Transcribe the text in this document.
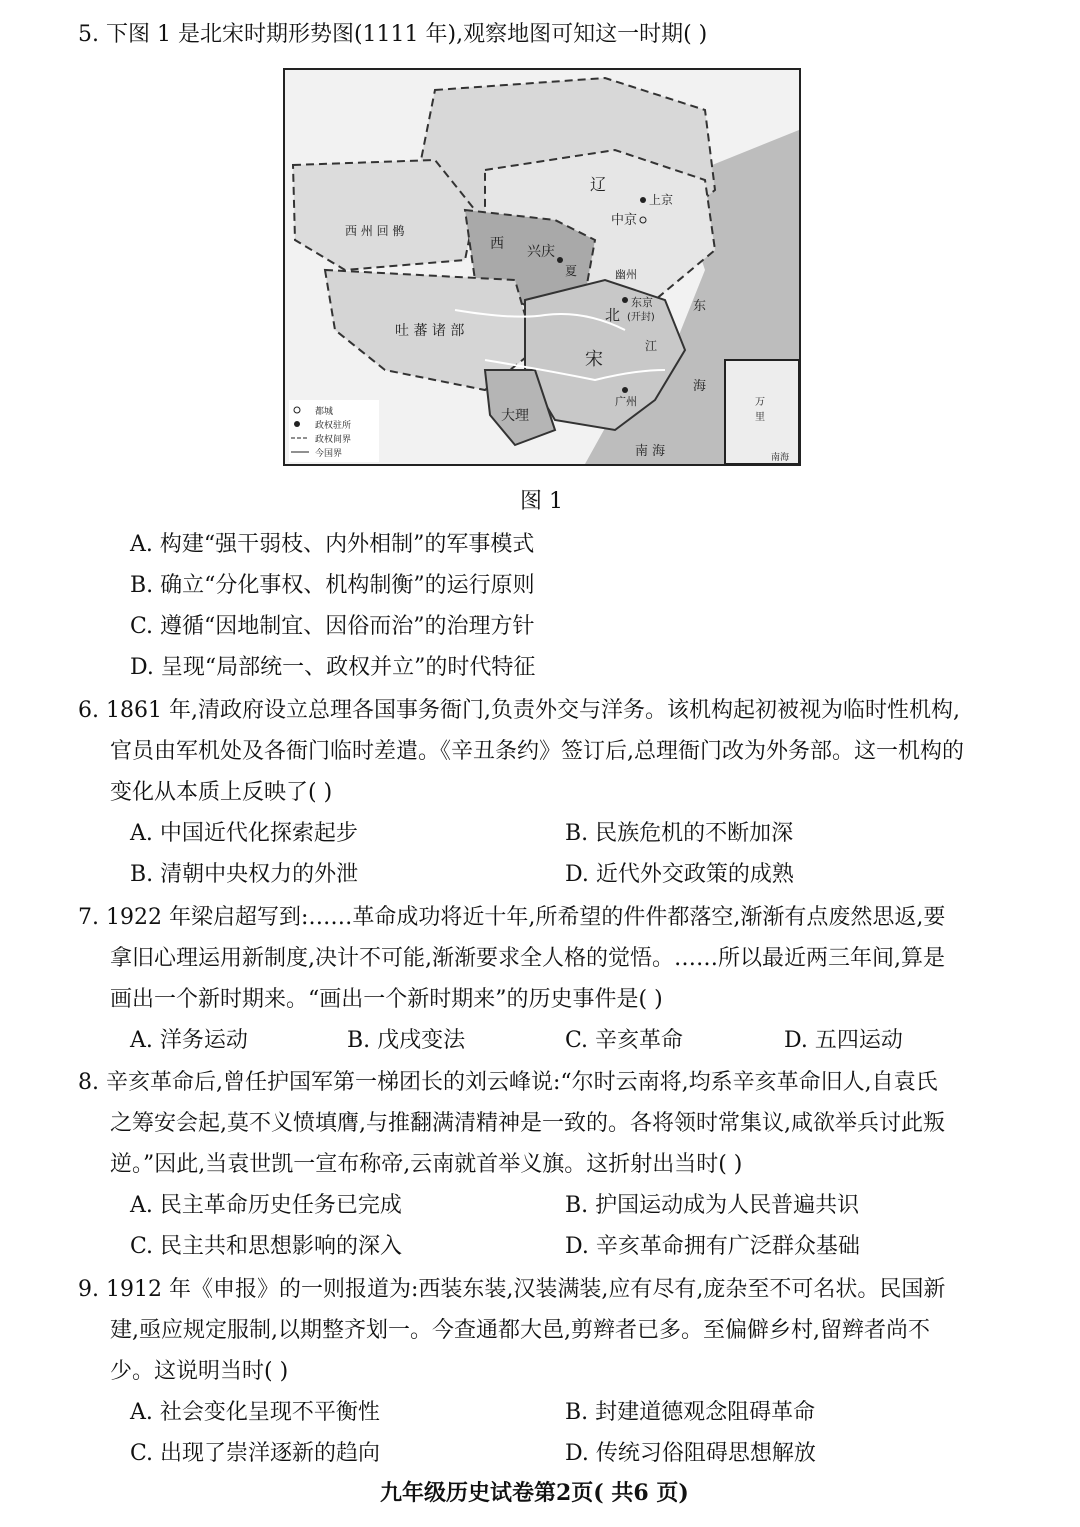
5. 下图 1 是北宋时期形势图(1111 年),观察地图可知这一时期( )
都城
政权驻所
政权间界
今国界
辽
上京
中京
西 兴庆
夏
西 州 回 鹘
吐 蕃 诸 部
幽州
北
东京
(开封)
宋
大理
广州
南 海
东
海
江
万
里
南海
图 1
A. 构建“强干弱枝、内外相制”的军事模式
B. 确立“分化事权、机构制衡”的运行原则
C. 遵循“因地制宜、因俗而治”的治理方针
D. 呈现“局部统一、政权并立”的时代特征
6. 1861 年,清政府设立总理各国事务衙门,负责外交与洋务。该机构起初被视为临时性机构,
官员由军机处及各衙门临时差遣。《辛丑条约》签订后,总理衙门改为外务部。这一机构的
变化从本质上反映了( )
A. 中国近代化探索起步	B. 民族危机的不断加深
B. 清朝中央权力的外泄	D. 近代外交政策的成熟
7. 1922 年梁启超写到:……革命成功将近十年,所希望的件件都落空,渐渐有点废然思返,要
拿旧心理运用新制度,决计不可能,渐渐要求全人格的觉悟。……所以最近两三年间,算是
画出一个新时期来。“画出一个新时期来”的历史事件是( )
A. 洋务运动	B. 戊戌变法	C. 辛亥革命	D. 五四运动
8. 辛亥革命后,曾任护国军第一梯团长的刘云峰说:“尔时云南将,均系辛亥革命旧人,自袁氏
之筹安会起,莫不义愤填膺,与推翻满清精神是一致的。各将领时常集议,咸欲举兵讨此叛
逆。”因此,当袁世凯一宣布称帝,云南就首举义旗。这折射出当时( )
A. 民主革命历史任务已完成	B. 护国运动成为人民普遍共识
C. 民主共和思想影响的深入	D. 辛亥革命拥有广泛群众基础
9. 1912 年《申报》的一则报道为:西装东装,汉装满装,应有尽有,庞杂至不可名状。民国新
建,亟应规定服制,以期整齐划一。今查通都大邑,剪辫者已多。至偏僻乡村,留辫者尚不
少。这说明当时( )
A. 社会变化呈现不平衡性	B. 封建道德观念阻碍革命
C. 出现了崇洋逐新的趋向	D. 传统习俗阻碍思想解放
九年级历史试卷第2页( 共6 页)
